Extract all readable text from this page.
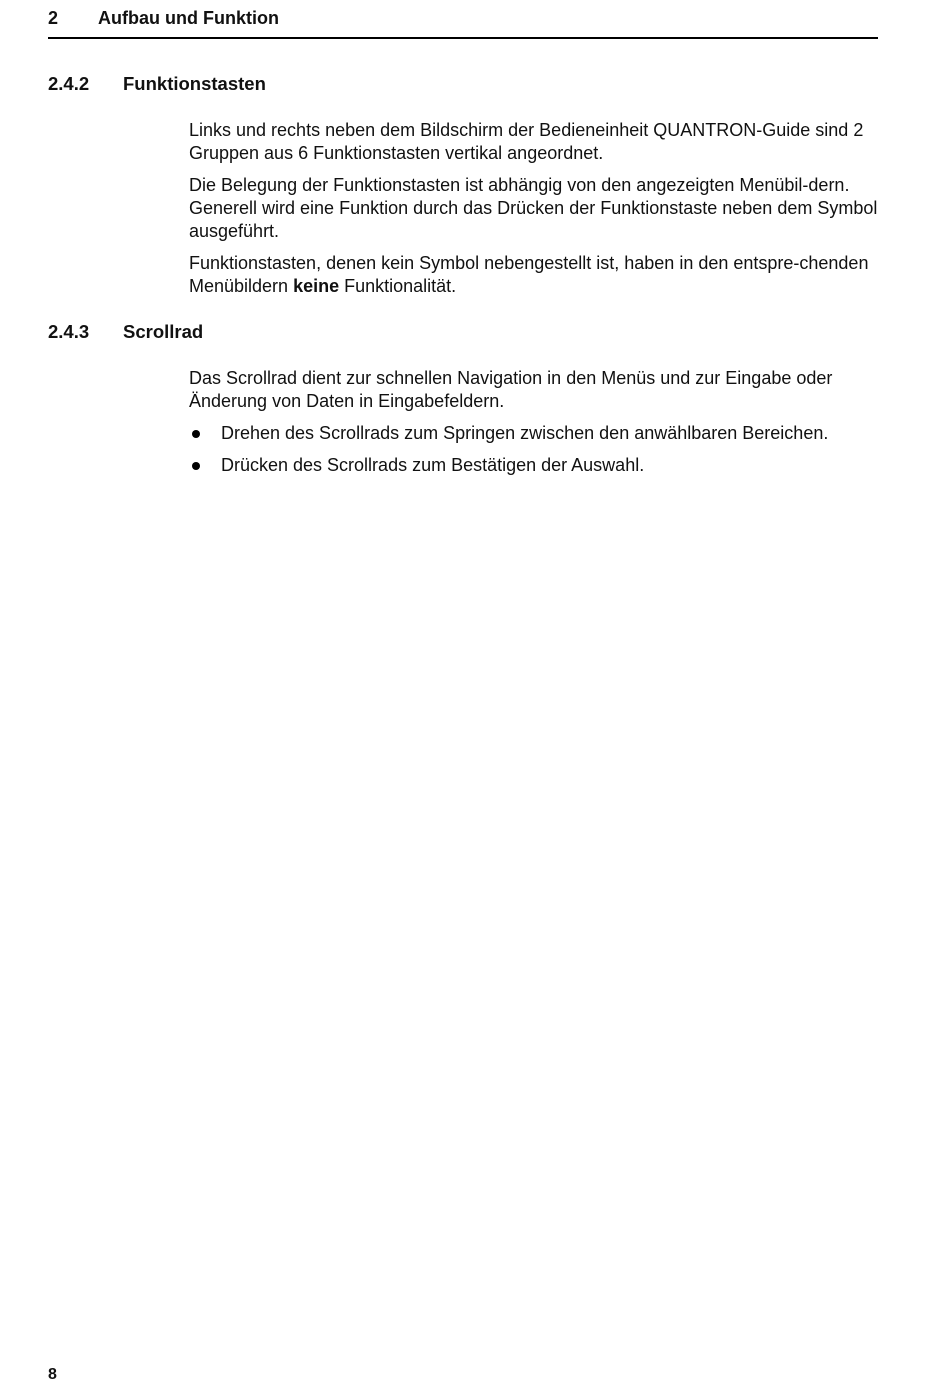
2 Aufbau und Funktion
2.4.2 Funktionstasten

Links und rechts neben dem Bildschirm der Bedieneinheit QUANTRON-Guide sind 2 Gruppen aus 6 Funktionstasten vertikal angeordnet.

Die Belegung der Funktionstasten ist abhängig von den angezeigten Menübil-dern. Generell wird eine Funktion durch das Drücken der Funktionstaste neben dem Symbol ausgeführt.

Funktionstasten, denen kein Symbol nebengestellt ist, haben in den entspre-chenden Menübildern keine Funktionalität.

2.4.3 Scrollrad

Das Scrollrad dient zur schnellen Navigation in den Menüs und zur Eingabe oder Änderung von Daten in Eingabefeldern.

Drehen des Scrollrads zum Springen zwischen den anwählbaren Bereichen.
Drücken des Scrollrads zum Bestätigen der Auswahl.
8
